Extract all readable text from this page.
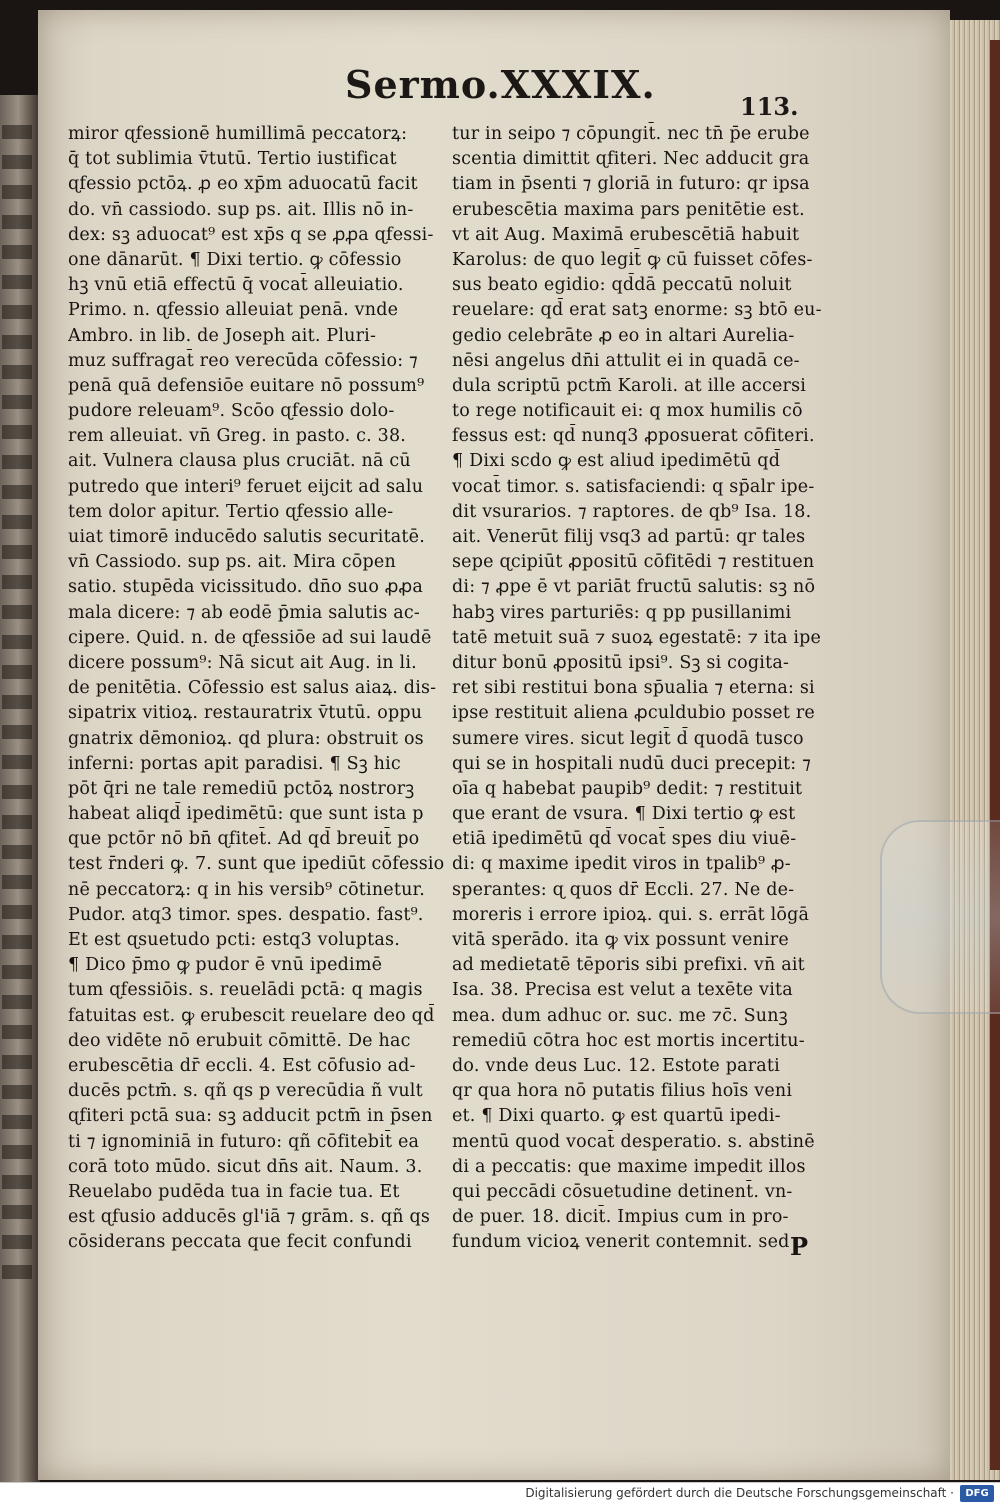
Sermo.XXXIX.	113.
miror ɋfessionē humillimā peccatorꝝ:
q̄ tot sublimia v̄tutū. Tertio iustificat
ɋfessio pctōꝝ. ꝓ eo xp̄m aduocatū facit
do. vn̄ cassiodo. sup ps. ait. Illis nō in-
dex: sꝫ aduocat⁹ est xp̄s q se ꝓꝓa ɋfessi-
one dānarūt. ¶ Dixi tertio. ꝙ cōfessio
hꝫ vnū etiā effectū q̄ vocat̄ alleuiatio.
Primo. n. ɋfessio alleuiat penā. vnde
Ambro. in lib. de Joseph ait. Pluri-
muz suffragat̄ reo verecūda cōfessio: ⁊
penā quā defensiōe euitare nō possum⁹
pudore releuam⁹. Scōo ɋfessio dolo-
rem alleuiat. vn̄ Greg. in pasto. c. 38.
ait. Vulnera clausa plus cruciāt. nā cū
putredo que interi⁹ feruet eijcit ad salu
tem dolor apitur. Tertio ɋfessio alle-
uiat timorē inducēdo salutis securitatē.
vn̄ Cassiodo. sup ps. ait. Mira cōpen
satio. stupēda vicissitudo. dn̄o suo ꝓꝓa
mala dicere: ⁊ ab eodē p̄mia salutis ac-
cipere. Quid. n. de ɋfessiōe ad sui laudē
dicere possum⁹: Nā sicut ait Aug. in li.
de penitētia. Cōfessio est salus aiaꝝ. dis-
sipatrix vitioꝝ. restauratrix v̄tutū. oppu
gnatrix dēmonioꝝ. qd plura: obstruit os
inferni: portas apit paradisi. ¶ Sꝫ hic
pōt q̄ri ne tale remediū pctōꝝ nostrorꝫ
habeat aliqd̄ ipedimētū: que sunt ista p
que pctōr nō bn̄ ɋfitet̄. Ad qd̄ breuit̄ po
test r̄nderi ꝙ. 7. sunt que ipediūt cōfessio
nē peccatorꝝ: q in his versib⁹ cōtinetur.
Pudor. atq3 timor. spes. despatio. fast⁹.
Et est ɋsuetudo pcti: estq3 voluptas.
¶ Dico p̄mo ꝙ pudor ē vnū ipedimē
tum ɋfessiōis. s. reuelādi pctā: q magis
fatuitas est. ꝙ erubescit reuelare deo qd̄
deo vidēte nō erubuit cōmittē. De hac
erubescētia dr̄ eccli. 4. Est cōfusio ad-
ducēs pctm̄. s. qñ qs p verecūdia ñ vult
ɋfiteri pctā sua: sꝫ adducit pctm̄ in p̄sen
ti ⁊ ignominiā in futuro: qñ cōfitebit̄ ea
corā toto mūdo. sicut dn̄s ait. Naum. 3.
Reuelabo pudēda tua in facie tua. Et
est ɋfusio adducēs gl'iā ⁊ grām. s. qñ qs
cōsiderans peccata que fecit confundi
tur in seipo ⁊ cōpungit̄. nec tn̄ p̄e erube
scentia dimittit ɋfiteri. Nec adducit gra
tiam in p̄senti ⁊ gloriā in futuro: qr ipsa
erubescētia maxima pars penitētie est.
vt ait Aug. Maximā erubescētiā habuit
Karolus: de quo legit̄ ꝙ cū fuisset cōfes-
sus beato egidio: qd̄dā peccatū noluit
reuelare: qd̄ erat satꝫ enorme: sꝫ btō eu-
gedio celebrāte ꝓ eo in altari Aurelia-
nēsi angelus dn̄i attulit ei in quadā ce-
dula scriptū pctm̄ Karoli. at ille accersi
to rege notificauit ei: q mox humilis cō
fessus est: qd̄ nunq3 ꝓposuerat cōfiteri.
¶ Dixi scdo ꝙ est aliud ipedimētū qd̄
vocat̄ timor. s. satisfaciendi: q sp̄alr ipe-
dit vsurarios. ⁊ raptores. de qb⁹ Isa. 18.
ait. Venerūt filij vsq3 ad partū: qr tales
sepe ɋcipiūt ꝓpositū cōfitēdi ⁊ restituen
di: ⁊ ꝓpe ē vt pariāt fructū salutis: sꝫ nō
habꝫ vires parturiēs: q pp pusillanimi
tatē metuit suā ⁊ suoꝝ egestatē: ⁊ ita ipe
ditur bonū ꝓpositū ipsi⁹. Sꝫ si cogita-
ret sibi restitui bona sp̄ualia ⁊ eterna: si
ipse restituit aliena ꝓculdubio posset re
sumere vires. sicut legit̄ d̄ quodā tusco
qui se in hospitali nudū duci precepit: ⁊
oīa q habebat paupib⁹ dedit: ⁊ restituit
que erant de vsura. ¶ Dixi tertio ꝙ est
etiā ipedimētū qd̄ vocat̄ spes diu viuē-
di: q maxime ipedit viros in tpalib⁹ ꝓ-
sperantes: ɋ quos dr̄ Eccli. 27. Ne de-
moreris i errore ipioꝝ. qui. s. errāt lōgā
vitā sperādo. ita ꝙ vix possunt venire
ad medietatē tēporis sibi prefixi. vn̄ ait
Isa. 38. Precisa est velut a texēte vita
mea. dum adhuc or. suc. me ⁊c̄. Sunꝫ
remediū cōtra hoc est mortis incertitu-
do. vnde deus Luc. 12. Estote parati
qr qua hora nō putatis filius hoīs veni
et. ¶ Dixi quarto. ꝙ est quartū ipedi-
mentū quod vocat̄ desperatio. s. abstinē
di a peccatis: que maxime impedit illos
qui peccādi cōsuetudine detinent̄. vn-
de puer. 18. dicit̄. Impius cum in pro-
fundum vicioꝝ venerit contemnit. sed P
Digitalisierung gefördert durch die Deutsche Forschungsgemeinschaft ·	DFG
